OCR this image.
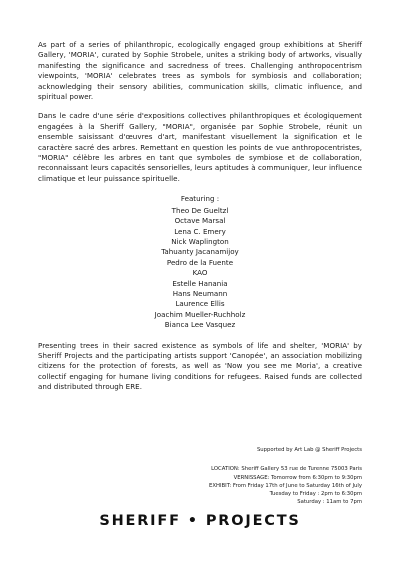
As part of a series of philanthropic, ecologically engaged group exhibitions at Sheriff Gallery, 'MORIA', curated by Sophie Strobele, unites a striking body of artworks, visually manifesting the significance and sacredness of trees. Challenging anthropocentrism viewpoints, 'MORIA' celebrates trees as symbols for symbiosis and collaboration; acknowledging their sensory abilities, communication skills, climatic influence, and spiritual power.

Dans le cadre d'une série d'expositions collectives philanthropiques et écologiquement engagées à la Sheriff Gallery, "MORIA", organisée par Sophie Strobele, réunit un ensemble saisissant d'œuvres d'art, manifestant visuellement la signification et le caractère sacré des arbres. Remettant en question les points de vue anthropocentristes, "MORIA" célèbre les arbres en tant que symboles de symbiose et de collaboration, reconnaissant leurs capacités sensorielles, leurs aptitudes à communiquer, leur influence climatique et leur puissance spirituelle.

Featuring :
Theo De Gueltzl
Octave Marsal
Lena C. Emery
Nick Waplington
Tahuanty Jacanamijoy
Pedro de la Fuente
KAO
Estelle Hanania
Hans Neumann
Laurence Ellis
Joachim Mueller-Ruchholz
Bianca Lee Vasquez

Presenting trees in their sacred existence as symbols of life and shelter, 'MORIA' by Sheriff Projects and the participating artists support 'Canopée', an association mobilizing citizens for the protection of forests, as well as 'Now you see me Moria', a creative collectif engaging for humane living conditions for refugees. Raised funds are collected and distributed through ERE.

Supported by Art Lab @ Sheriff Projects
LOCATION: Sheriff Gallery 53 rue de Turenne 75003 Paris
VERNISSAGE: Tomorrow from 6:30pm to 9:30pm
EXHIBIT: From Friday 17th of June to Saturday 16th of July
Tuesday to Friday : 2pm to 6:30pm
Saturday : 11am to 7pm
SHERIFF • PROJECTS
